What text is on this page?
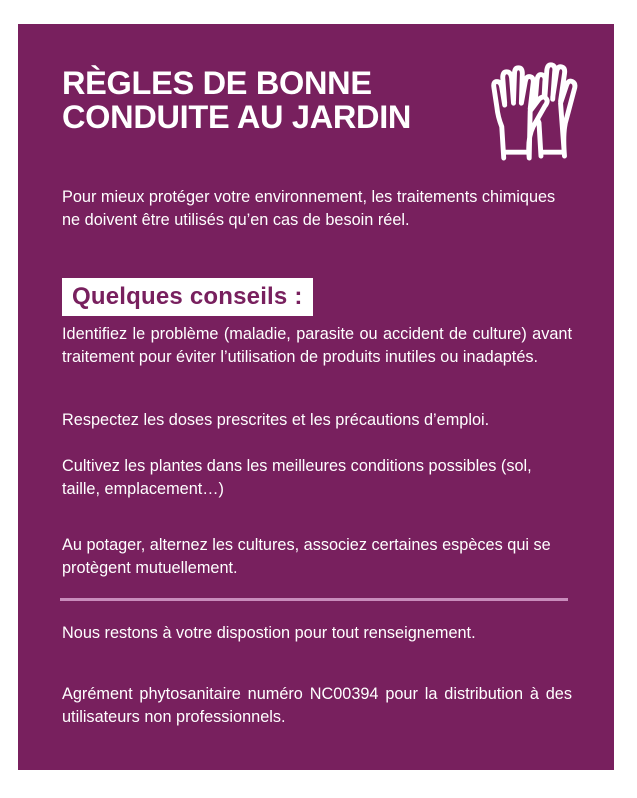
RÈGLES DE BONNE
CONDUITE AU JARDIN

Pour mieux protéger votre environnement, les traitements chimiques ne doivent être utilisés qu’en cas de besoin réel.

Quelques conseils :

Identifiez le problème (maladie, parasite ou accident de culture) avant traitement pour éviter l’utilisation de produits inutiles ou inadaptés.

Respectez les doses prescrites et les précautions d’emploi.

Cultivez les plantes dans les meilleures conditions possibles (sol, taille, emplacement…)

Au potager, alternez les cultures, associez certaines espèces qui se protègent mutuellement.

Nous restons à votre dispostion pour tout renseignement.

Agrément phytosanitaire numéro NC00394 pour la distribution à des utilisateurs non professionnels.
